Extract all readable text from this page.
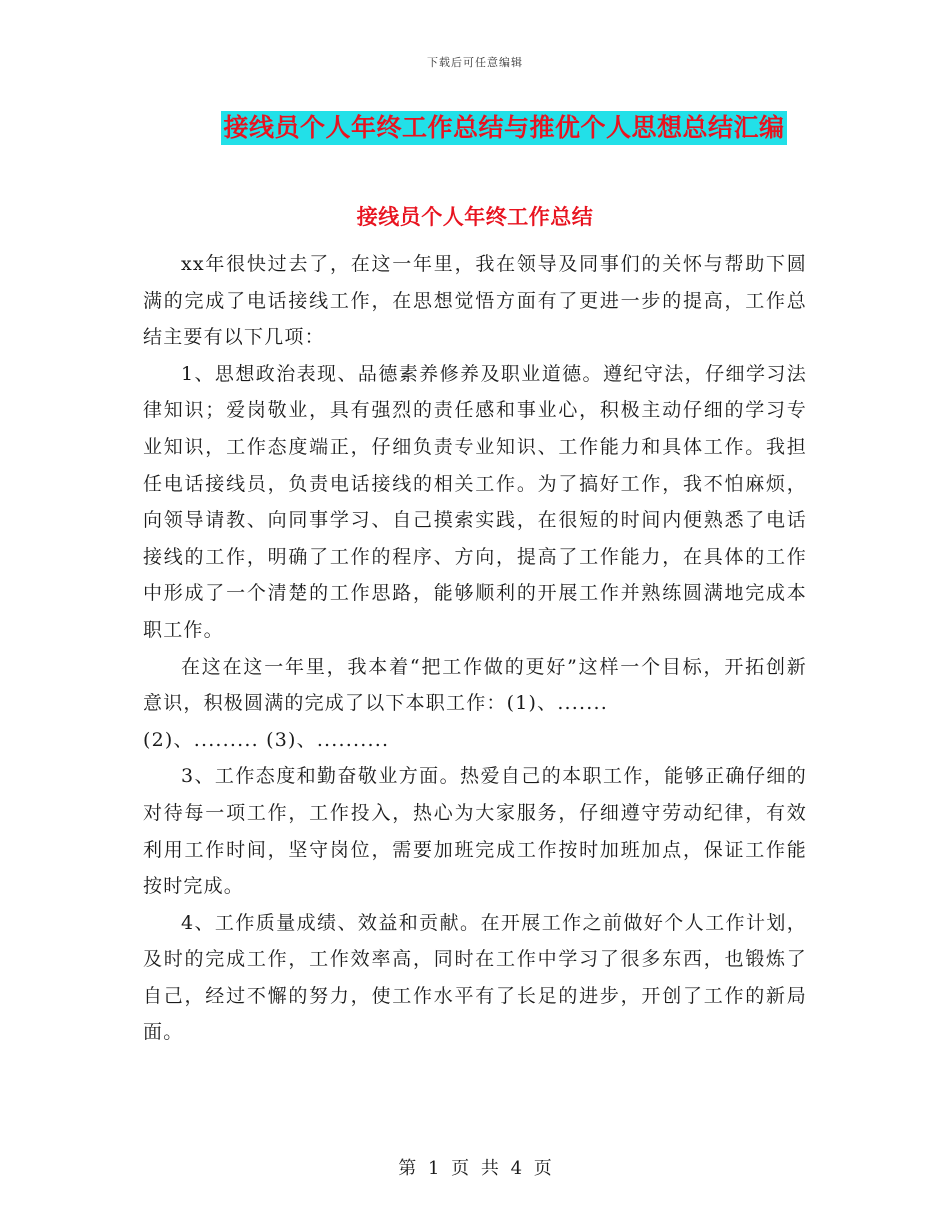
下载后可任意编辑
接线员个人年终工作总结与推优个人思想总结汇编
接线员个人年终工作总结

xx年很快过去了，在这一年里，我在领导及同事们的关怀与帮助下圆满的完成了电话接线工作，在思想觉悟方面有了更进一步的提高，工作总结主要有以下几项：

1、思想政治表现、品德素养修养及职业道德。遵纪守法，仔细学习法律知识；爱岗敬业，具有强烈的责任感和事业心，积极主动仔细的学习专业知识，工作态度端正，仔细负责专业知识、工作能力和具体工作。我担任电话接线员，负责电话接线的相关工作。为了搞好工作，我不怕麻烦，向领导请教、向同事学习、自己摸索实践，在很短的时间内便熟悉了电话接线的工作，明确了工作的程序、方向，提高了工作能力，在具体的工作中形成了一个清楚的工作思路，能够顺利的开展工作并熟练圆满地完成本职工作。

在这在这一年里，我本着“把工作做的更好”这样一个目标，开拓创新意识，积极圆满的完成了以下本职工作：(1)、.......

(2)、......... (3)、..........

3、工作态度和勤奋敬业方面。热爱自己的本职工作，能够正确仔细的对待每一项工作，工作投入，热心为大家服务，仔细遵守劳动纪律，有效利用工作时间，坚守岗位，需要加班完成工作按时加班加点，保证工作能按时完成。

4、工作质量成绩、效益和贡献。在开展工作之前做好个人工作计划，及时的完成工作，工作效率高，同时在工作中学习了很多东西，也锻炼了自己，经过不懈的努力，使工作水平有了长足的进步，开创了工作的新局面。

第 1 页 共 4 页
